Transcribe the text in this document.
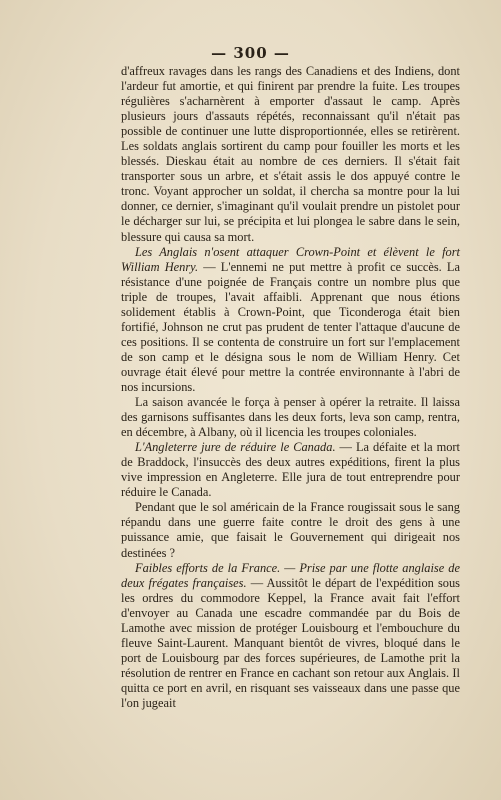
— 300 —

d'affreux ravages dans les rangs des Canadiens et des Indiens, dont l'ardeur fut amortie, et qui finirent par prendre la fuite. Les troupes régulières s'acharnèrent à emporter d'assaut le camp. Après plusieurs jours d'assauts répétés, reconnaissant qu'il n'était pas possible de continuer une lutte disproportionnée, elles se retirèrent. Les soldats anglais sortirent du camp pour fouiller les morts et les blessés. Dieskau était au nombre de ces derniers. Il s'était fait transporter sous un arbre, et s'était assis le dos appuyé contre le tronc. Voyant approcher un soldat, il chercha sa montre pour la lui donner, ce dernier, s'imaginant qu'il voulait prendre un pistolet pour le décharger sur lui, se précipita et lui plongea le sabre dans le sein, blessure qui causa sa mort.

Les Anglais n'osent attaquer Crown-Point et élèvent le fort William Henry. — L'ennemi ne put mettre à profit ce succès. La résistance d'une poignée de Français contre un nombre plus que triple de troupes, l'avait affaibli. Apprenant que nous étions solidement établis à Crown-Point, que Ticonderoga était bien fortifié, Johnson ne crut pas prudent de tenter l'attaque d'aucune de ces positions. Il se contenta de construire un fort sur l'emplacement de son camp et le désigna sous le nom de William Henry. Cet ouvrage était élevé pour mettre la contrée environnante à l'abri de nos incursions.

La saison avancée le força à penser à opérer la retraite. Il laissa des garnisons suffisantes dans les deux forts, leva son camp, rentra, en décembre, à Albany, où il licencia les troupes coloniales.

L'Angleterre jure de réduire le Canada. — La défaite et la mort de Braddock, l'insuccès des deux autres expéditions, firent la plus vive impression en Angleterre. Elle jura de tout entreprendre pour réduire le Canada.

Pendant que le sol américain de la France rougissait sous le sang répandu dans une guerre faite contre le droit des gens à une puissance amie, que faisait le Gouvernement qui dirigeait nos destinées ?

Faibles efforts de la France. — Prise par une flotte anglaise de deux frégates françaises. — Aussitôt le départ de l'expédition sous les ordres du commodore Keppel, la France avait fait l'effort d'envoyer au Canada une escadre commandée par du Bois de Lamothe avec mission de protéger Louisbourg et l'embouchure du fleuve Saint-Laurent. Manquant bientôt de vivres, bloqué dans le port de Louisbourg par des forces supérieures, de Lamothe prit la résolution de rentrer en France en cachant son retour aux Anglais. Il quitta ce port en avril, en risquant ses vaisseaux dans une passe que l'on jugeait
